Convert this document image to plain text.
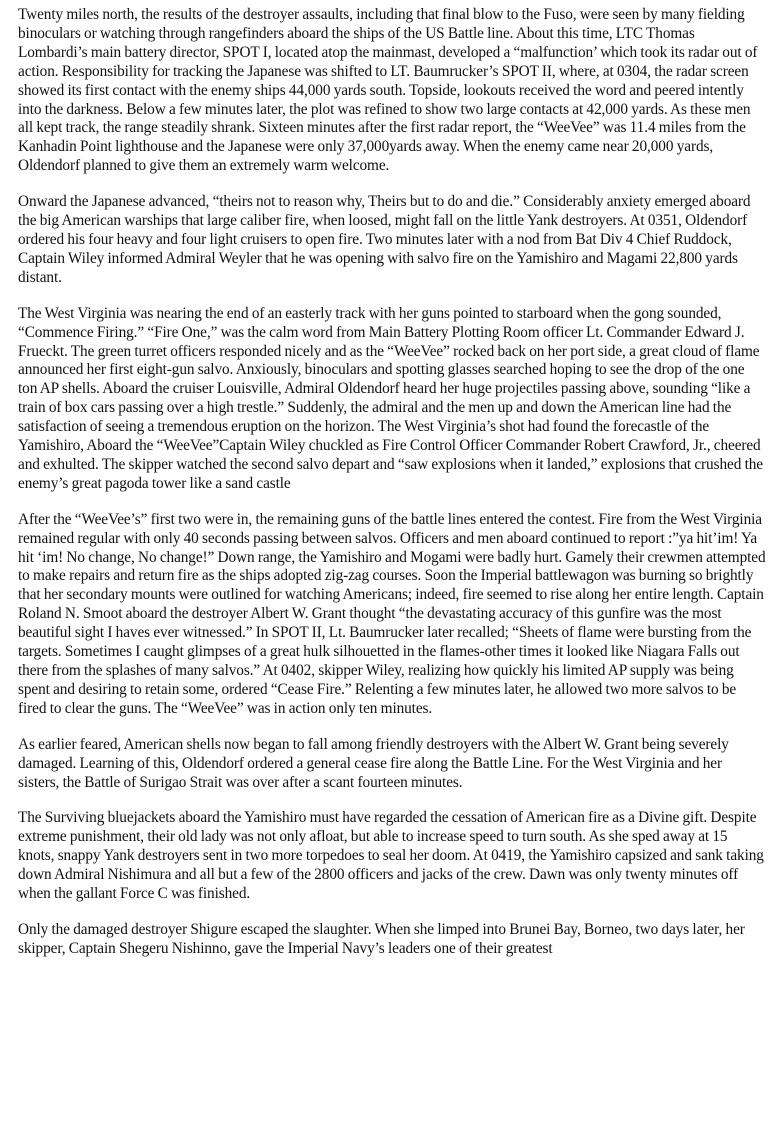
Twenty miles north, the results of the destroyer assaults, including that final blow to the Fuso, were seen by many fielding binoculars or watching through rangefinders aboard the ships of the US Battle line. About this time, LTC Thomas Lombardi’s main battery director, SPOT I, located atop the mainmast, developed a “malfunction’ which took its radar out of action. Responsibility for tracking the Japanese was shifted to LT. Baumrucker’s SPOT II, where, at 0304, the radar screen showed its first contact with the enemy ships 44,000 yards south. Topside, lookouts received the word and peered intently into the darkness. Below a few minutes later, the plot was refined to show two large contacts at 42,000 yards. As these men all kept track, the range steadily shrank. Sixteen minutes after the first radar report, the “WeeVee” was 11.4 miles from the Kanhadin Point lighthouse and the Japanese were only 37,000yards away. When the enemy came near 20,000 yards, Oldendorf planned to give them an extremely warm welcome.

Onward the Japanese advanced, “theirs not to reason why, Theirs but to do and die.” Considerably anxiety emerged aboard the big American warships that large caliber fire, when loosed, might fall on the little Yank destroyers. At 0351, Oldendorf ordered his four heavy and four light cruisers to open fire. Two minutes later with a nod from Bat Div 4 Chief Ruddock, Captain Wiley informed Admiral Weyler that he was opening with salvo fire on the Yamishiro and Magami 22,800 yards distant.

The West Virginia was nearing the end of an easterly track with her guns pointed to starboard when the gong sounded, “Commence Firing.” “Fire One,” was the calm word from Main Battery Plotting Room officer Lt. Commander Edward J. Frueckt. The green turret officers responded nicely and as the “WeeVee” rocked back on her port side, a great cloud of flame announced her first eight-gun salvo. Anxiously, binoculars and spotting glasses searched hoping to see the drop of the one ton AP shells. Aboard the cruiser Louisville, Admiral Oldendorf heard her huge projectiles passing above, sounding “like a train of box cars passing over a high trestle.” Suddenly, the admiral and the men up and down the American line had the satisfaction of seeing a tremendous eruption on the horizon. The West Virginia’s shot had found the forecastle of the Yamishiro, Aboard the “WeeVee”Captain Wiley chuckled as Fire Control Officer Commander Robert Crawford, Jr., cheered and exhulted. The skipper watched the second salvo depart and “saw explosions when it landed,” explosions that crushed the enemy’s great pagoda tower like a sand castle

After the “WeeVee’s” first two were in, the remaining guns of the battle lines entered the contest. Fire from the West Virginia remained regular with only 40 seconds passing between salvos. Officers and men aboard continued to report :”ya hit’im! Ya hit ‘im! No change, No change!” Down range, the Yamishiro and Mogami were badly hurt. Gamely their crewmen attempted to make repairs and return fire as the ships adopted zig-zag courses. Soon the Imperial battlewagon was burning so brightly that her secondary mounts were outlined for watching Americans; indeed, fire seemed to rise along her entire length. Captain Roland N. Smoot aboard the destroyer Albert W. Grant thought “the devastating accuracy of this gunfire was the most beautiful sight I haves ever witnessed.” In SPOT II, Lt. Baumrucker later recalled; “Sheets of flame were bursting from the targets. Sometimes I caught glimpses of a great hulk silhouetted in the flames-other times it looked like Niagara Falls out there from the splashes of many salvos.” At 0402, skipper Wiley, realizing how quickly his limited AP supply was being spent and desiring to retain some, ordered “Cease Fire.” Relenting a few minutes later, he allowed two more salvos to be fired to clear the guns. The “WeeVee” was in action only ten minutes.

As earlier feared, American shells now began to fall among friendly destroyers with the Albert W. Grant being severely damaged. Learning of this, Oldendorf ordered a general cease fire along the Battle Line. For the West Virginia and her sisters, the Battle of Surigao Strait was over after a scant fourteen minutes.

The Surviving bluejackets aboard the Yamishiro must have regarded the cessation of American fire as a Divine gift. Despite extreme punishment, their old lady was not only afloat, but able to increase speed to turn south. As she sped away at 15 knots, snappy Yank destroyers sent in two more torpedoes to seal her doom. At 0419, the Yamishiro capsized and sank taking down Admiral Nishimura and all but a few of the 2800 officers and jacks of the crew. Dawn was only twenty minutes off when the gallant Force C was finished.

Only the damaged destroyer Shigure escaped the slaughter. When she limped into Brunei Bay, Borneo, two days later, her skipper, Captain Shegeru Nishinno, gave the Imperial Navy’s leaders one of their greatest
